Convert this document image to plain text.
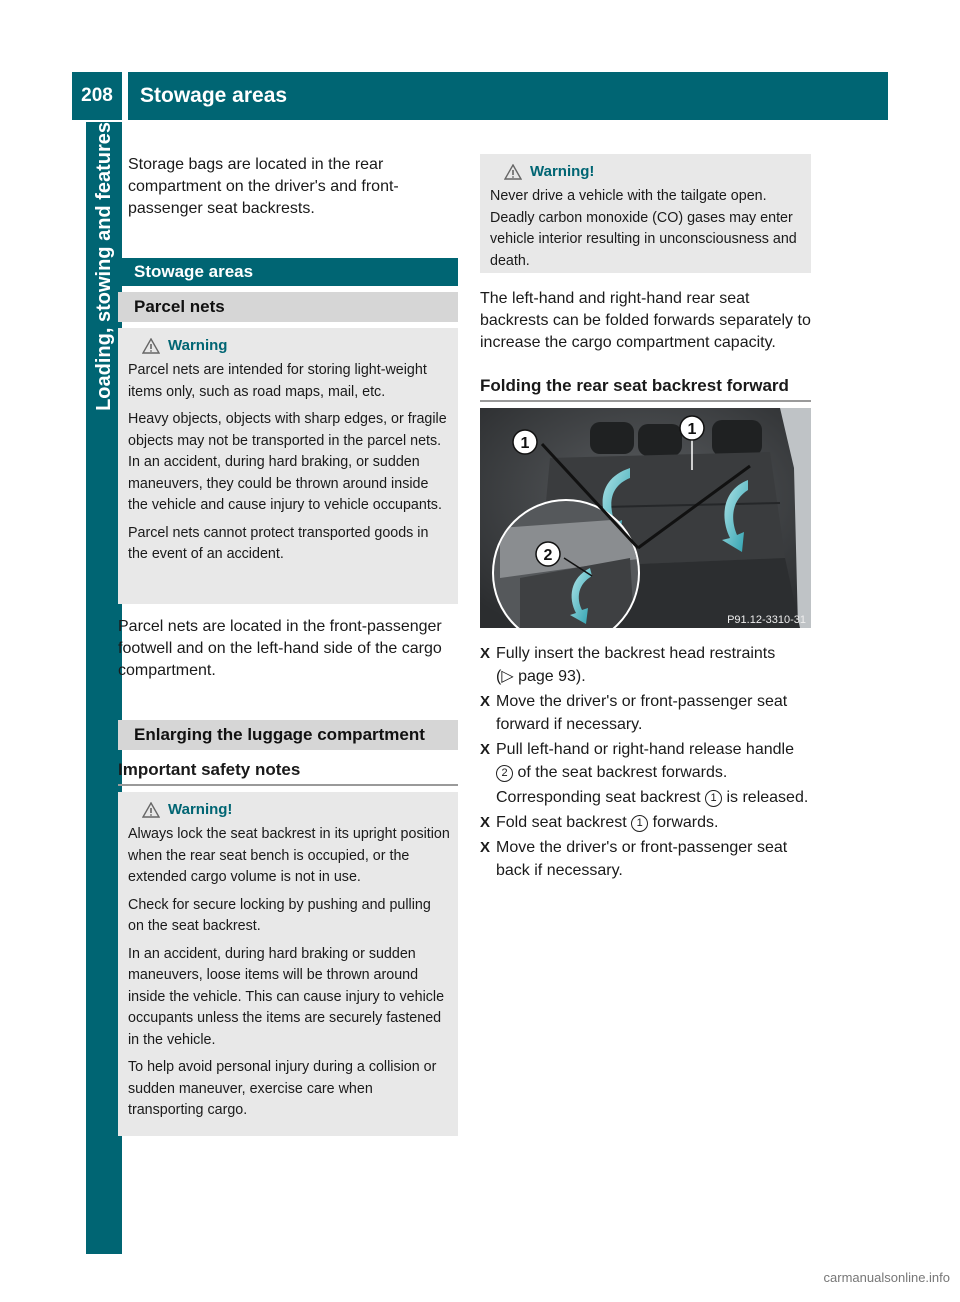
208	Stowage areas
Loading, stowing and features Storage bags are located in the rear compartment on the driver's and front-passenger seat backrests.

Stowage areas
Parcel nets
Warning

Parcel nets are intended for storing light-weight items only, such as road maps, mail, etc.

Heavy objects, objects with sharp edges, or fragile objects may not be transported in the parcel nets. In an accident, during hard braking, or sudden maneuvers, they could be thrown around inside the vehicle and cause injury to vehicle occupants.

Parcel nets cannot protect transported goods in the event of an accident.

Parcel nets are located in the front-passenger footwell and on the left-hand side of the cargo compartment.

Enlarging the luggage compartment
Important safety notes
Warning!

Always lock the seat backrest in its upright position when the rear seat bench is occupied, or the extended cargo volume is not in use.

Check for secure locking by pushing and pulling on the seat backrest.

In an accident, during hard braking or sudden maneuvers, loose items will be thrown around inside the vehicle. This can cause injury to vehicle occupants unless the items are securely fastened in the vehicle.

To help avoid personal injury during a collision or sudden maneuver, exercise care when transporting cargo.

Warning!

Never drive a vehicle with the tailgate open. Deadly carbon monoxide (CO) gases may enter vehicle interior resulting in unconsciousness and death.

The left-hand and right-hand rear seat backrests can be folded forwards separately to increase the cargo compartment capacity.

Folding the rear seat backrest forward
1
1
2
P91.12-3310-31
X Fully insert the backrest head restraints
(▷ page 93).
X Move the driver's or front-passenger seat forward if necessary.
X Pull left-hand or right-hand release handle 2 of the seat backrest forwards.
Corresponding seat backrest 1 is released.
X Fold seat backrest 1 forwards.
X Move the driver's or front-passenger seat back if necessary.
carmanualsonline.info
